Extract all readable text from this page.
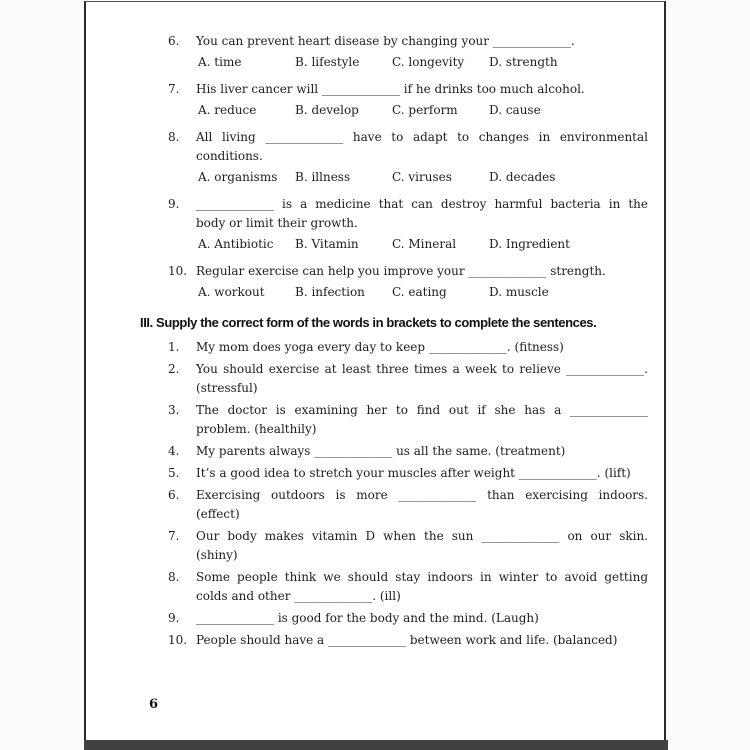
6.	You can prevent heart disease by changing your _____________.
A. time	B. lifestyle	C. longevity	D. strength
7.	His liver cancer will _____________ if he drinks too much alcohol.
A. reduce	B. develop	C. perform	D. cause
8.	All living _____________ have to adapt to changes in environmental
conditions.
A. organisms	B. illness	C. viruses	D. decades
9.	_____________ is a medicine that can destroy harmful bacteria in the
body or limit their growth.
A. Antibiotic	B. Vitamin	C. Mineral	D. Ingredient
10. Regular exercise can help you improve your _____________ strength.
A. workout	B. infection	C. eating	D. muscle
III. Supply the correct form of the words in brackets to complete the sentences.
1.	My mom does yoga every day to keep _____________. (fitness)
2.	You should exercise at least three times a week to relieve _____________.
(stressful)
3.	The doctor is examining her to find out if she has a _____________
problem. (healthily)
4.	My parents always _____________ us all the same. (treatment)
5.	It’s a good idea to stretch your muscles after weight _____________. (lift)
6.	Exercising outdoors is more _____________ than exercising indoors.
(effect)
7.	Our body makes vitamin D when the sun _____________ on our skin.
(shiny)
8.	Some people think we should stay indoors in winter to avoid getting
colds and other _____________. (ill)
9.	_____________ is good for the body and the mind. (Laugh)
10. People should have a _____________ between work and life. (balanced)
6
